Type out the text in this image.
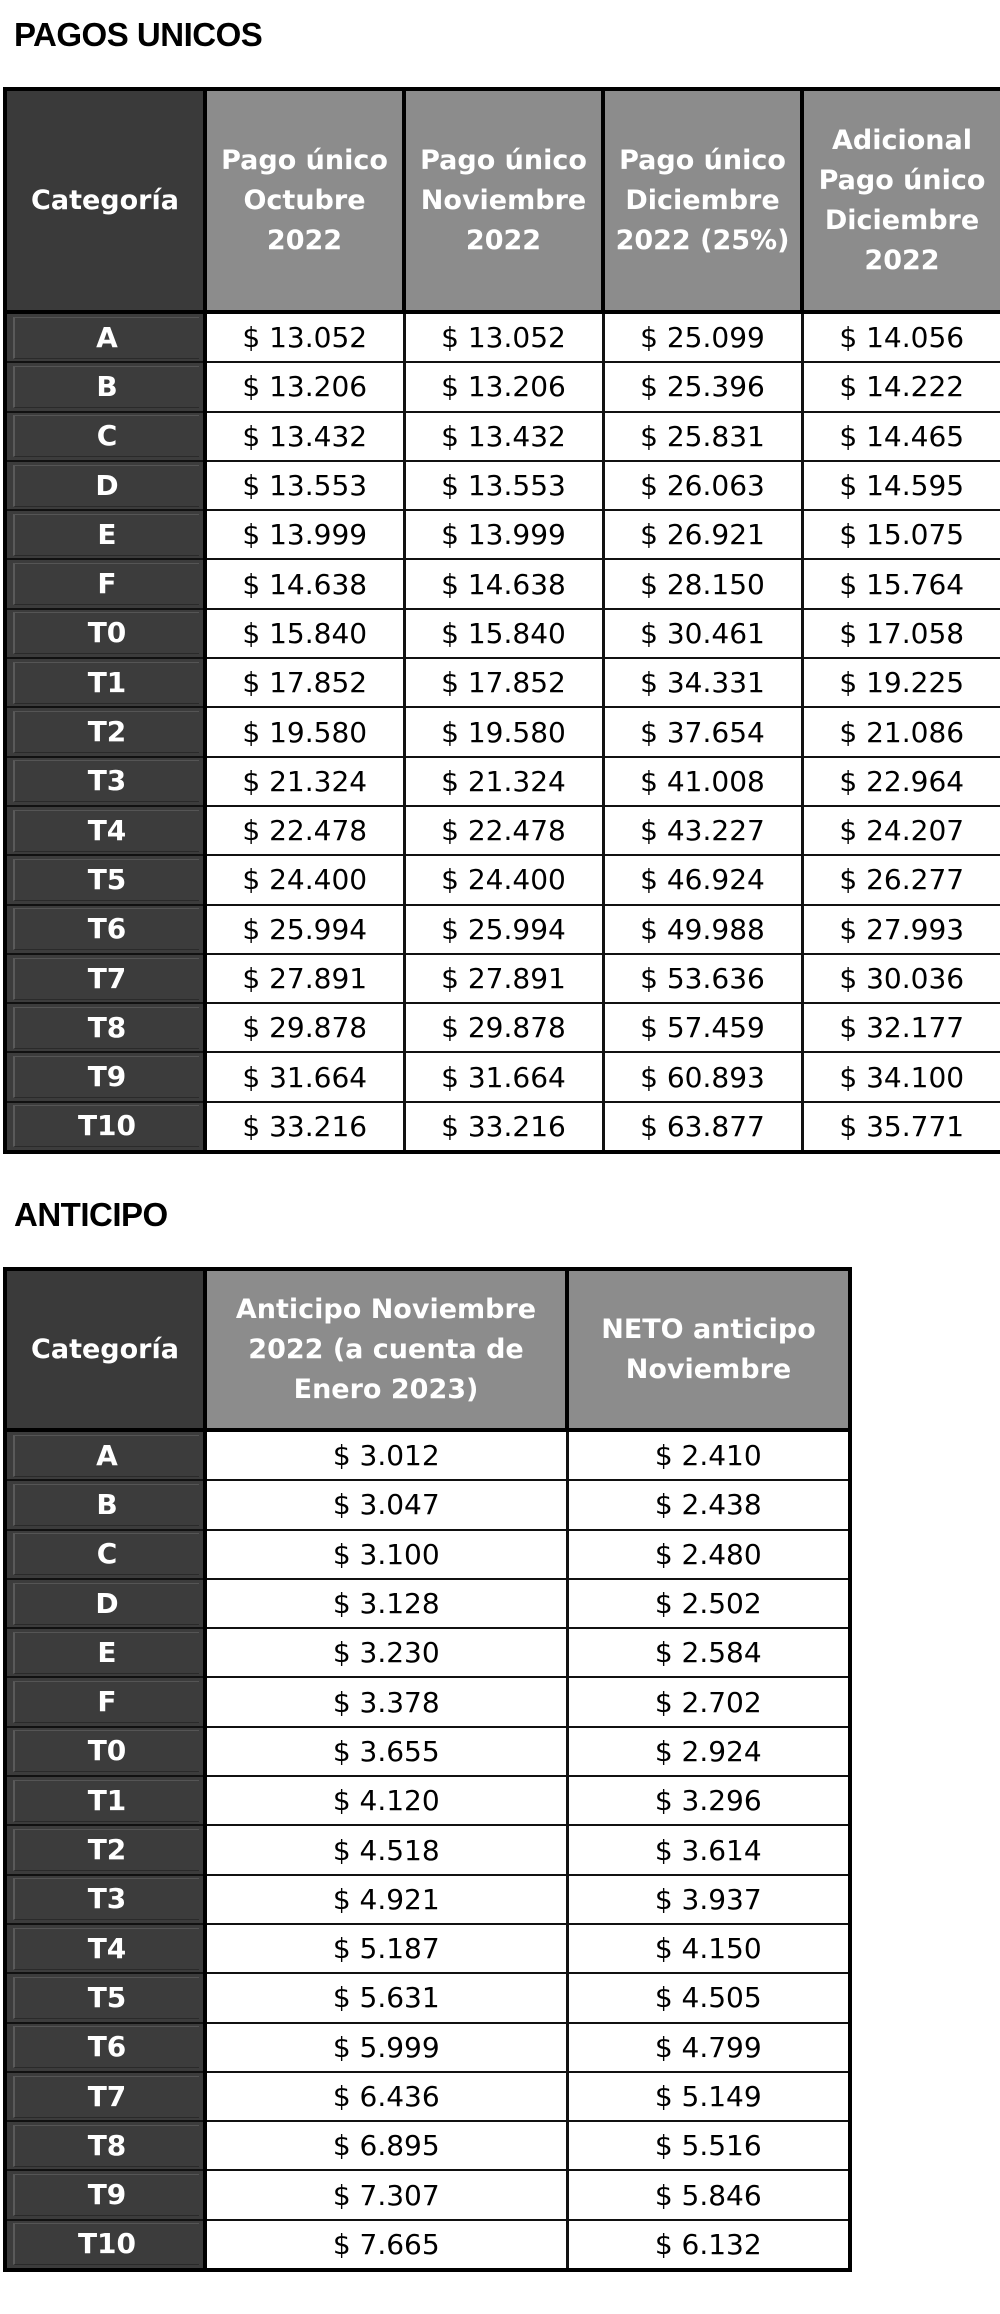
PAGOS UNICOS
Categoría	Pago único Octubre 2022	Pago único Noviembre 2022	Pago único Diciembre 2022 (25%)	Adicional Pago único Diciembre 2022

A	$ 13.052	$ 13.052	$ 25.099	$ 14.056

B	$ 13.206	$ 13.206	$ 25.396	$ 14.222

C	$ 13.432	$ 13.432	$ 25.831	$ 14.465

D	$ 13.553	$ 13.553	$ 26.063	$ 14.595

E	$ 13.999	$ 13.999	$ 26.921	$ 15.075

F	$ 14.638	$ 14.638	$ 28.150	$ 15.764

T0	$ 15.840	$ 15.840	$ 30.461	$ 17.058

T1	$ 17.852	$ 17.852	$ 34.331	$ 19.225

T2	$ 19.580	$ 19.580	$ 37.654	$ 21.086

T3	$ 21.324	$ 21.324	$ 41.008	$ 22.964

T4	$ 22.478	$ 22.478	$ 43.227	$ 24.207

T5	$ 24.400	$ 24.400	$ 46.924	$ 26.277

T6	$ 25.994	$ 25.994	$ 49.988	$ 27.993

T7	$ 27.891	$ 27.891	$ 53.636	$ 30.036

T8	$ 29.878	$ 29.878	$ 57.459	$ 32.177

T9	$ 31.664	$ 31.664	$ 60.893	$ 34.100

T10	$ 33.216	$ 33.216	$ 63.877	$ 35.771
ANTICIPO
Categoría	Anticipo Noviembre 2022 (a cuenta de Enero 2023)	NETO anticipo Noviembre

A	$ 3.012	$ 2.410

B	$ 3.047	$ 2.438

C	$ 3.100	$ 2.480

D	$ 3.128	$ 2.502

E	$ 3.230	$ 2.584

F	$ 3.378	$ 2.702

T0	$ 3.655	$ 2.924

T1	$ 4.120	$ 3.296

T2	$ 4.518	$ 3.614

T3	$ 4.921	$ 3.937

T4	$ 5.187	$ 4.150

T5	$ 5.631	$ 4.505

T6	$ 5.999	$ 4.799

T7	$ 6.436	$ 5.149

T8	$ 6.895	$ 5.516

T9	$ 7.307	$ 5.846

T10	$ 7.665	$ 6.132
